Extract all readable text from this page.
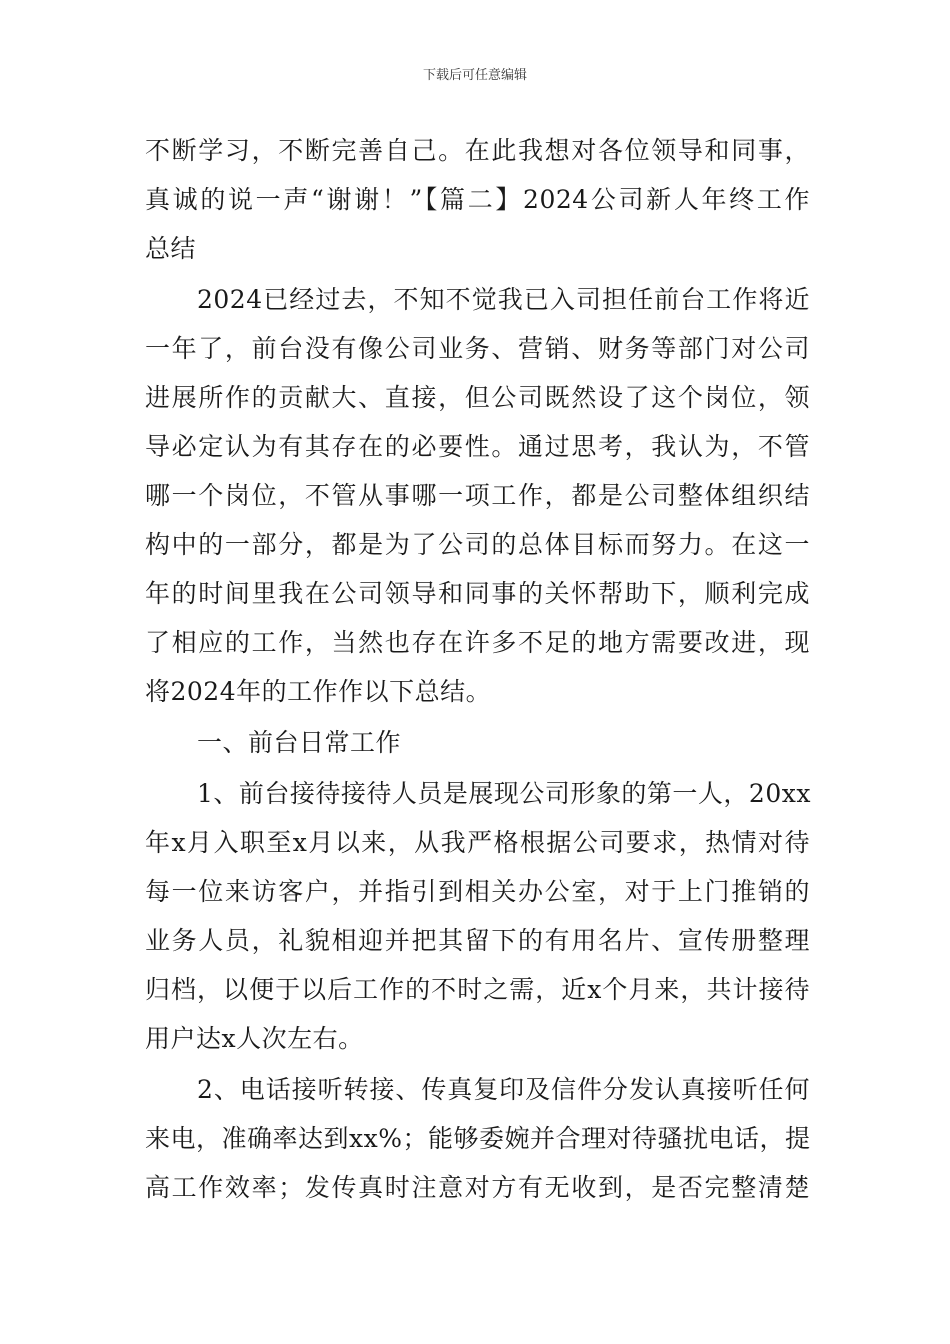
下载后可任意编辑
不断学习，不断完善自己。在此我想对各位领导和同事，
真诚的说一声“谢谢！”【篇二】2024公司新人年终工作
总结
2024已经过去，不知不觉我已入司担任前台工作将近
一年了，前台没有像公司业务、营销、财务等部门对公司
进展所作的贡献大、直接，但公司既然设了这个岗位，领
导必定认为有其存在的必要性。通过思考，我认为，不管
哪一个岗位，不管从事哪一项工作，都是公司整体组织结
构中的一部分，都是为了公司的总体目标而努力。在这一
年的时间里我在公司领导和同事的关怀帮助下，顺利完成
了相应的工作，当然也存在许多不足的地方需要改进，现
将2024年的工作作以下总结。
一、前台日常工作
1、前台接待接待人员是展现公司形象的第一人，20xx
年x月入职至x月以来，从我严格根据公司要求，热情对待
每一位来访客户，并指引到相关办公室，对于上门推销的
业务人员，礼貌相迎并把其留下的有用名片、宣传册整理
归档，以便于以后工作的不时之需，近x个月来，共计接待
用户达x人次左右。
2、电话接听转接、传真复印及信件分发认真接听任何
来电，准确率达到xx%；能够委婉并合理对待骚扰电话，提
高工作效率；发传真时注意对方有无收到，是否完整清楚
